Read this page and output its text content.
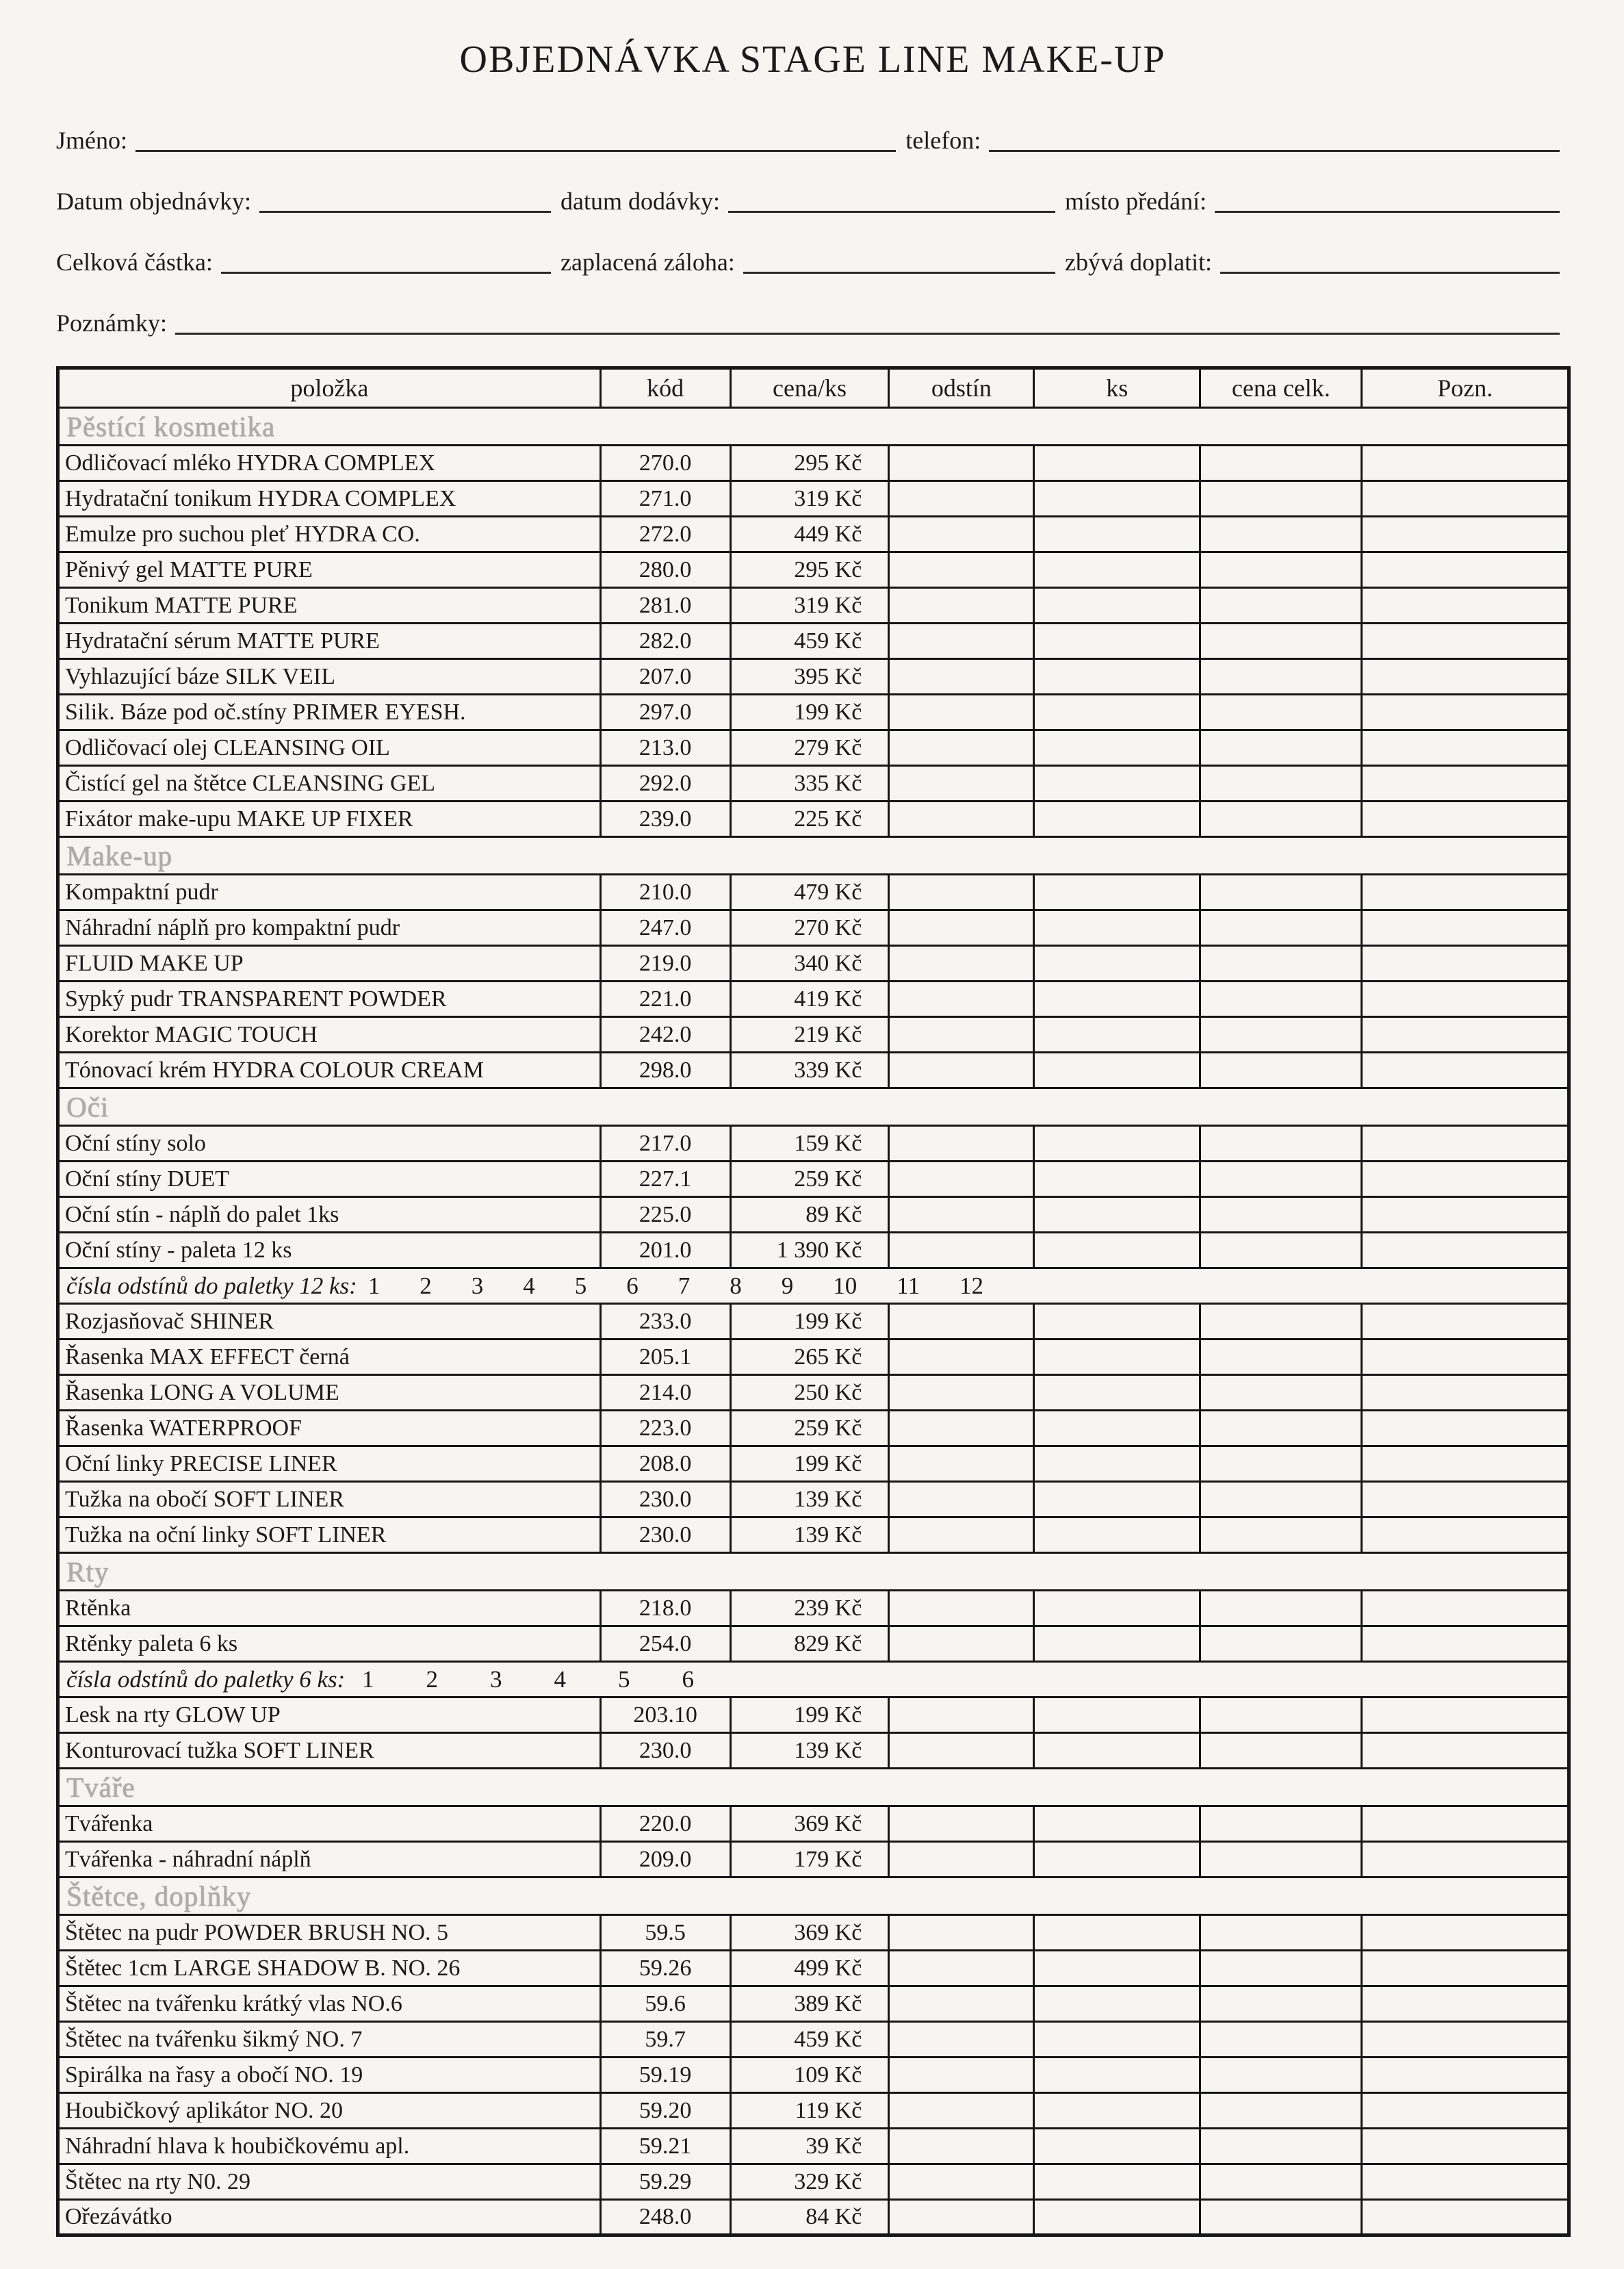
OBJEDNÁVKA STAGE LINE MAKE-UP
Jméno:	telefon:
Datum objednávky:	datum dodávky:	místo předání:
Celková částka:	zaplacená záloha:	zbývá doplatit:
Poznámky:
položka	kód	cena/ks	odstín	ks	cena celk.	Pozn.
Pěstící kosmetika						
Odličovací mléko HYDRA COMPLEX	270.0	295 Kč				
Hydratační tonikum HYDRA COMPLEX	271.0	319 Kč				
Emulze pro suchou pleť HYDRA CO.	272.0	449 Kč				
Pěnivý gel MATTE PURE	280.0	295 Kč				
Tonikum MATTE PURE	281.0	319 Kč				
Hydratační sérum MATTE PURE	282.0	459 Kč				
Vyhlazující báze SILK VEIL	207.0	395 Kč				
Silik. Báze pod oč.stíny PRIMER EYESH.	297.0	199 Kč				
Odličovací olej CLEANSING OIL	213.0	279 Kč				
Čistící gel na štětce CLEANSING GEL	292.0	335 Kč				
Fixátor make-upu MAKE UP FIXER	239.0	225 Kč				
Make-up						
Kompaktní pudr	210.0	479 Kč				
Náhradní náplň pro kompaktní pudr	247.0	270 Kč				
FLUID MAKE UP	219.0	340 Kč				
Sypký pudr TRANSPARENT POWDER	221.0	419 Kč				
Korektor MAGIC TOUCH	242.0	219 Kč				
Tónovací krém HYDRA COLOUR CREAM	298.0	339 Kč				
Oči						
Oční stíny solo	217.0	159 Kč				
Oční stíny DUET	227.1	259 Kč				
Oční stín - náplň do palet 1ks	225.0	89 Kč				
Oční stíny - paleta 12 ks	201.0	1 390 Kč				
čísla odstínů do paletky 12 ks: 1 2 3 4 5 6 7 8 9 10 11 12						
Rozjasňovač SHINER	233.0	199 Kč				
Řasenka MAX EFFECT černá	205.1	265 Kč				
Řasenka LONG A VOLUME	214.0	250 Kč				
Řasenka WATERPROOF	223.0	259 Kč				
Oční linky PRECISE LINER	208.0	199 Kč				
Tužka na obočí SOFT LINER	230.0	139 Kč				
Tužka na oční linky SOFT LINER	230.0	139 Kč				
Rty						
Rtěnka	218.0	239 Kč				
Rtěnky paleta 6 ks	254.0	829 Kč				
čísla odstínů do paletky 6 ks: 1 2 3 4 5 6						
Lesk na rty GLOW UP	203.10	199 Kč				
Konturovací tužka SOFT LINER	230.0	139 Kč				
Tváře						
Tvářenka	220.0	369 Kč				
Tvářenka - náhradní náplň	209.0	179 Kč				
Štětce, doplňky						
Štětec na pudr POWDER BRUSH NO. 5	59.5	369 Kč				
Štětec 1cm LARGE SHADOW B. NO. 26	59.26	499 Kč				
Štětec na tvářenku krátký vlas NO.6	59.6	389 Kč				
Štětec na tvářenku šikmý NO. 7	59.7	459 Kč				
Spirálka na řasy a obočí NO. 19	59.19	109 Kč				
Houbičkový aplikátor NO. 20	59.20	119 Kč				
Náhradní hlava k houbičkovému apl.	59.21	39 Kč				
Štětec na rty N0. 29	59.29	329 Kč				
Ořezávátko	248.0	84 Kč				
